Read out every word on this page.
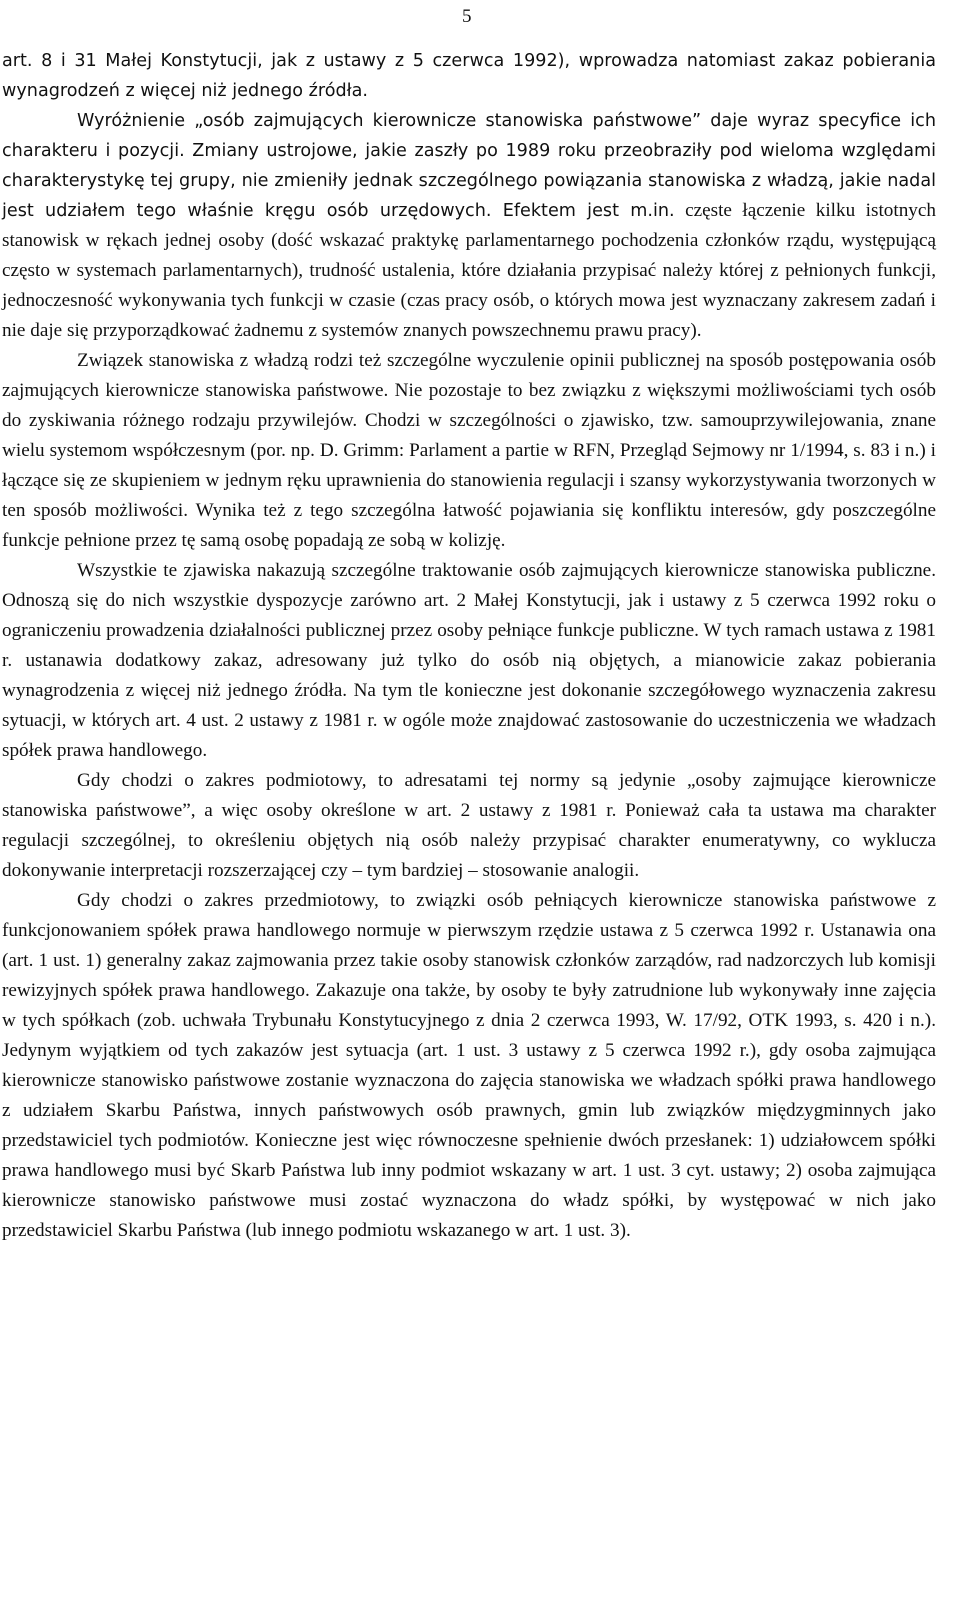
5

art. 8 i 31 Małej Konstytucji, jak z ustawy z 5 czerwca 1992), wprowadza natomiast zakaz pobierania wynagrodzeń z więcej niż jednego źródła.

Wyróżnienie „osób zajmujących kierownicze stanowiska państwowe” daje wyraz specyfice ich charakteru i pozycji. Zmiany ustrojowe, jakie zaszły po 1989 roku przeobraziły pod wieloma względami charakterystykę tej grupy, nie zmieniły jednak szczególnego powiązania stanowiska z władzą, jakie nadal jest udziałem tego właśnie kręgu osób urzędowych. Efektem jest m.in. częste łączenie kilku istotnych stanowisk w rękach jednej osoby (dość wskazać praktykę parlamentarnego pochodzenia członków rządu, występującą często w systemach parlamentarnych), trudność ustalenia, które działania przypisać należy której z pełnionych funkcji, jednoczesność wykonywania tych funkcji w czasie (czas pracy osób, o których mowa jest wyznaczany zakresem zadań i nie daje się przyporządkować żadnemu z systemów znanych powszechnemu prawu pracy).

Związek stanowiska z władzą rodzi też szczególne wyczulenie opinii publicznej na sposób postępowania osób zajmujących kierownicze stanowiska państwowe. Nie pozostaje to bez związku z większymi możliwościami tych osób do zyskiwania różnego rodzaju przywilejów. Chodzi w szczególności o zjawisko, tzw. samouprzywilejowania, znane wielu systemom współczesnym (por. np. D. Grimm: Parlament a partie w RFN, Przegląd Sejmowy nr 1/1994, s. 83 i n.) i łączące się ze skupieniem w jednym ręku uprawnienia do stanowienia regulacji i szansy wykorzystywania tworzonych w ten sposób możliwości. Wynika też z tego szczególna łatwość pojawiania się konfliktu interesów, gdy poszczególne funkcje pełnione przez tę samą osobę popadają ze sobą w kolizję.

Wszystkie te zjawiska nakazują szczególne traktowanie osób zajmujących kierownicze stanowiska publiczne. Odnoszą się do nich wszystkie dyspozycje zarówno art. 2 Małej Konstytucji, jak i ustawy z 5 czerwca 1992 roku o ograniczeniu prowadzenia działalności publicznej przez osoby pełniące funkcje publiczne. W tych ramach ustawa z 1981 r. ustanawia dodatkowy zakaz, adresowany już tylko do osób nią objętych, a mianowicie zakaz pobierania wynagrodzenia z więcej niż jednego źródła. Na tym tle konieczne jest dokonanie szczegółowego wyznaczenia zakresu sytuacji, w których art. 4 ust. 2 ustawy z 1981 r. w ogóle może znajdować zastosowanie do uczestniczenia we władzach spółek prawa handlowego.

Gdy chodzi o zakres podmiotowy, to adresatami tej normy są jedynie „osoby zajmujące kierownicze stanowiska państwowe”, a więc osoby określone w art. 2 ustawy z 1981 r. Ponieważ cała ta ustawa ma charakter regulacji szczególnej, to określeniu objętych nią osób należy przypisać charakter enumeratywny, co wyklucza dokonywanie interpretacji rozszerzającej czy – tym bardziej – stosowanie analogii.

Gdy chodzi o zakres przedmiotowy, to związki osób pełniących kierownicze stanowiska państwowe z funkcjonowaniem spółek prawa handlowego normuje w pierwszym rzędzie ustawa z 5 czerwca 1992 r. Ustanawia ona (art. 1 ust. 1) generalny zakaz zajmowania przez takie osoby stanowisk członków zarządów, rad nadzorczych lub komisji rewizyjnych spółek prawa handlowego. Zakazuje ona także, by osoby te były zatrudnione lub wykonywały inne zajęcia w tych spółkach (zob. uchwała Trybunału Konstytucyjnego z dnia 2 czerwca 1993, W. 17/92, OTK 1993, s. 420 i n.). Jedynym wyjątkiem od tych zakazów jest sytuacja (art. 1 ust. 3 ustawy z 5 czerwca 1992 r.), gdy osoba zajmująca kierownicze stanowisko państwowe zostanie wyznaczona do zajęcia stanowiska we władzach spółki prawa handlowego z udziałem Skarbu Państwa, innych państwowych osób prawnych, gmin lub związków międzygminnych jako przedstawiciel tych podmiotów. Konieczne jest więc równoczesne spełnienie dwóch przesłanek: 1) udziałowcem spółki prawa handlowego musi być Skarb Państwa lub inny podmiot wskazany w art. 1 ust. 3 cyt. ustawy; 2) osoba zajmująca kierownicze stanowisko państwowe musi zostać wyznaczona do władz spółki, by występować w nich jako przedstawiciel Skarbu Państwa (lub innego podmiotu wskazanego w art. 1 ust. 3).
